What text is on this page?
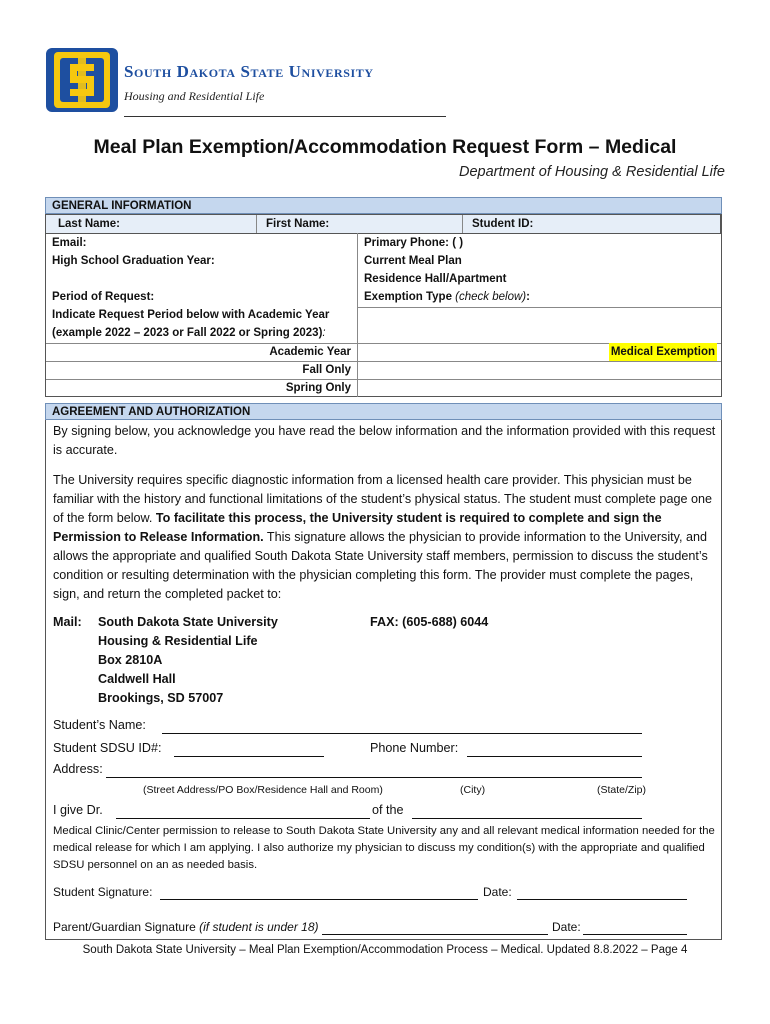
South Dakota State University
Housing and Residential Life
Meal Plan Exemption/Accommodation Request Form – Medical
Department of Housing & Residential Life
GENERAL INFORMATION
Last Name:	First Name:	Student ID:
Email:	Primary Phone: ( )
High School Graduation Year:	Current Meal Plan
Residence Hall/Apartment
Period of Request:	Exemption Type (check below):
Indicate Request Period below with Academic Year
(example 2022 – 2023 or Fall 2022 or Spring 2023):
Academic Year	Medical Exemption
Fall Only
Spring Only
AGREEMENT AND AUTHORIZATION
By signing below, you acknowledge you have read the below information and the information provided with this request is accurate.
The University requires specific diagnostic information from a licensed health care provider. This physician must be familiar with the history and functional limitations of the student’s physical status. The student must complete page one of the form below. To facilitate this process, the University student is required to complete and sign the Permission to Release Information. This signature allows the physician to provide information to the University, and allows the appropriate and qualified South Dakota State University staff members, permission to discuss the student’s condition or resulting determination with the physician completing this form. The provider must complete the pages, sign, and return the completed packet to:
Mail: South Dakota State University
Housing & Residential Life
Box 2810A
Caldwell Hall
Brookings, SD 57007
FAX: (605-688) 6044
Student’s Name:
Student SDSU ID#:	Phone Number:
Address:
(Street Address/PO Box/Residence Hall and Room)	(City)	(State/Zip)
I give Dr.	of the
Medical Clinic/Center permission to release to South Dakota State University any and all relevant medical information needed for the medical release for which I am applying. I also authorize my physician to discuss my condition(s) with the appropriate and qualified SDSU personnel on an as needed basis.
Student Signature:	Date:
Parent/Guardian Signature (if student is under 18)	Date:
South Dakota State University – Meal Plan Exemption/Accommodation Process – Medical. Updated 8.8.2022 – Page 4
